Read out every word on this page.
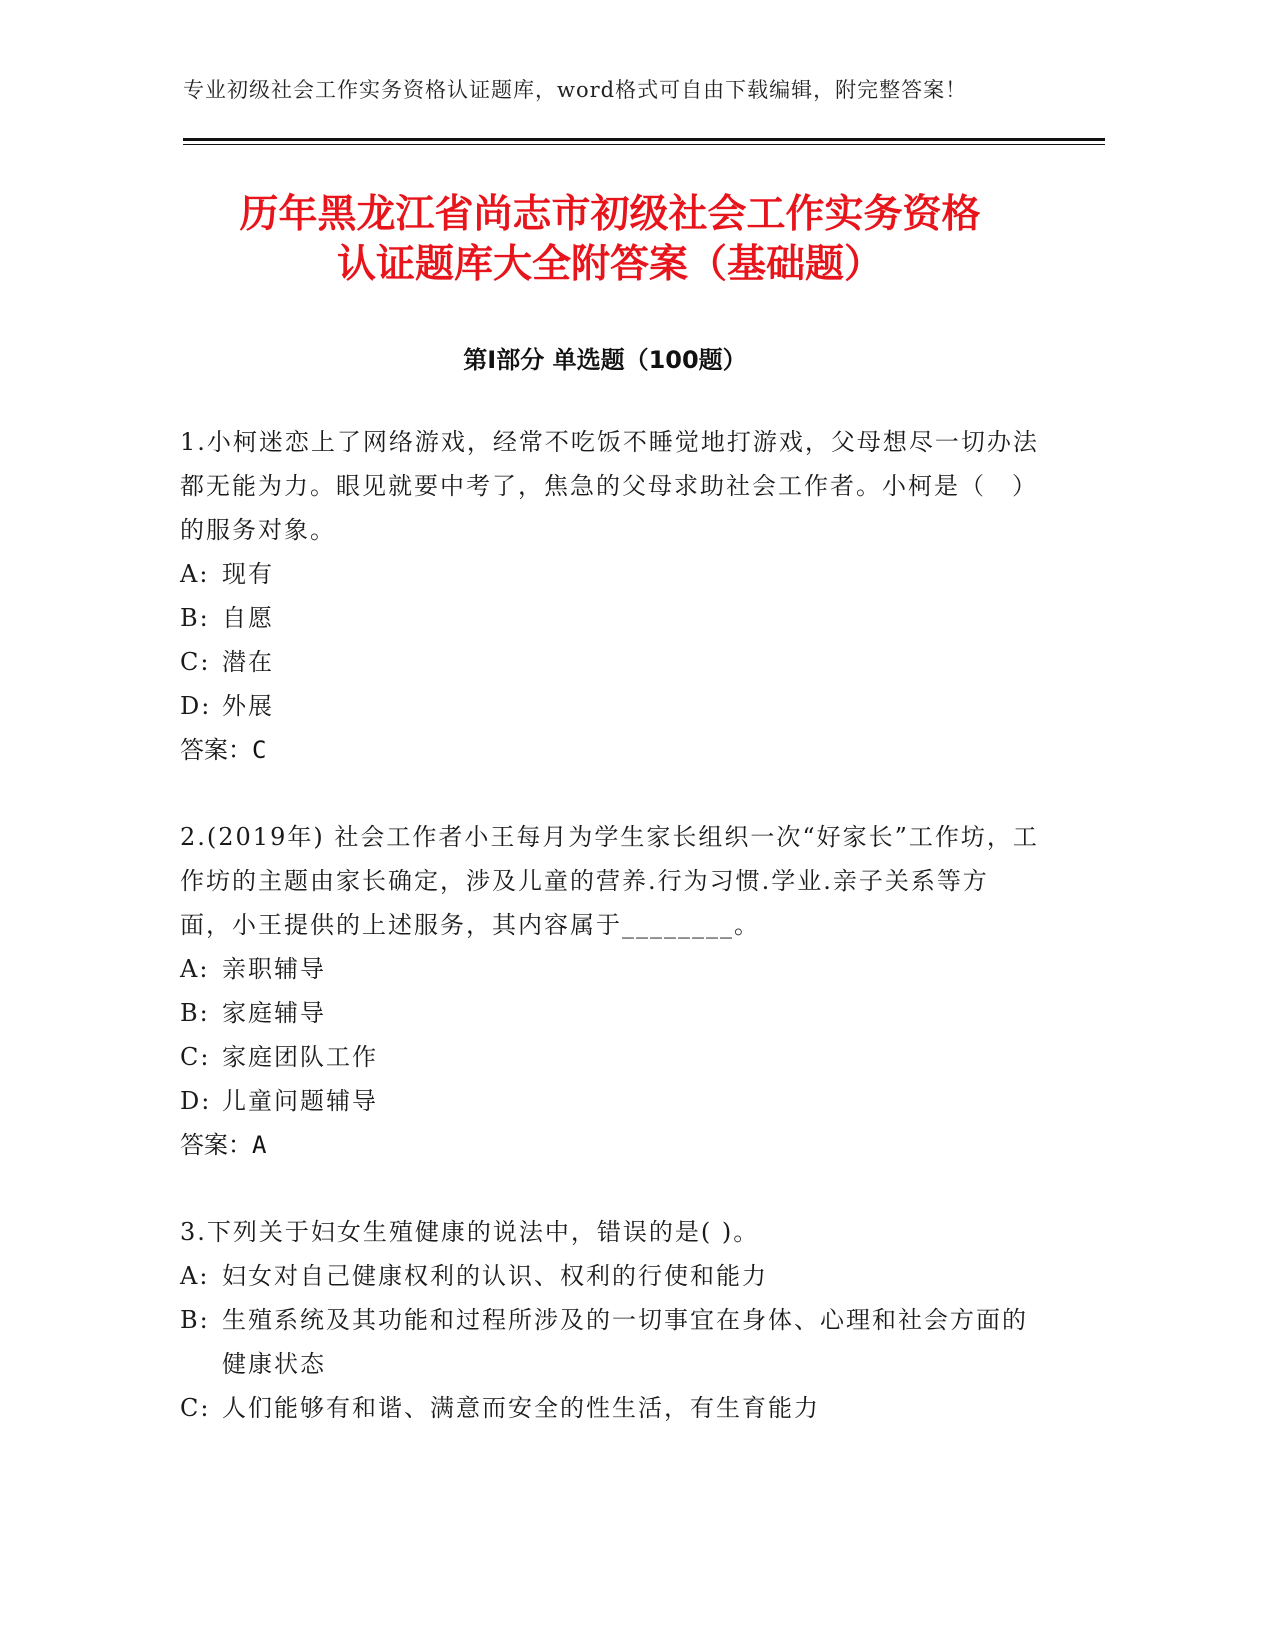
专业初级社会工作实务资格认证题库，word格式可自由下载编辑，附完整答案！
历年黑龙江省尚志市初级社会工作实务资格
认证题库大全附答案（基础题）
第Ⅰ部分 单选题（100题）

1.小柯迷恋上了网络游戏，经常不吃饭不睡觉地打游戏，父母想尽一切办法都无能为力。眼见就要中考了，焦急的父母求助社会工作者。小柯是（　）的服务对象。

A: 现有
B: 自愿
C: 潜在
D: 外展
答案：C

2.(2019年) 社会工作者小王每月为学生家长组织一次“好家长”工作坊，工作坊的主题由家长确定，涉及儿童的营养.行为习惯.学业.亲子关系等方面，小王提供的上述服务，其内容属于________。

A: 亲职辅导
B: 家庭辅导
C: 家庭团队工作
D: 儿童问题辅导
答案：A

3.下列关于妇女生殖健康的说法中，错误的是( )。

A: 妇女对自己健康权利的认识、权利的行使和能力
B: 生殖系统及其功能和过程所涉及的一切事宜在身体、心理和社会方面的健康状态
C: 人们能够有和谐、满意而安全的性生活，有生育能力
